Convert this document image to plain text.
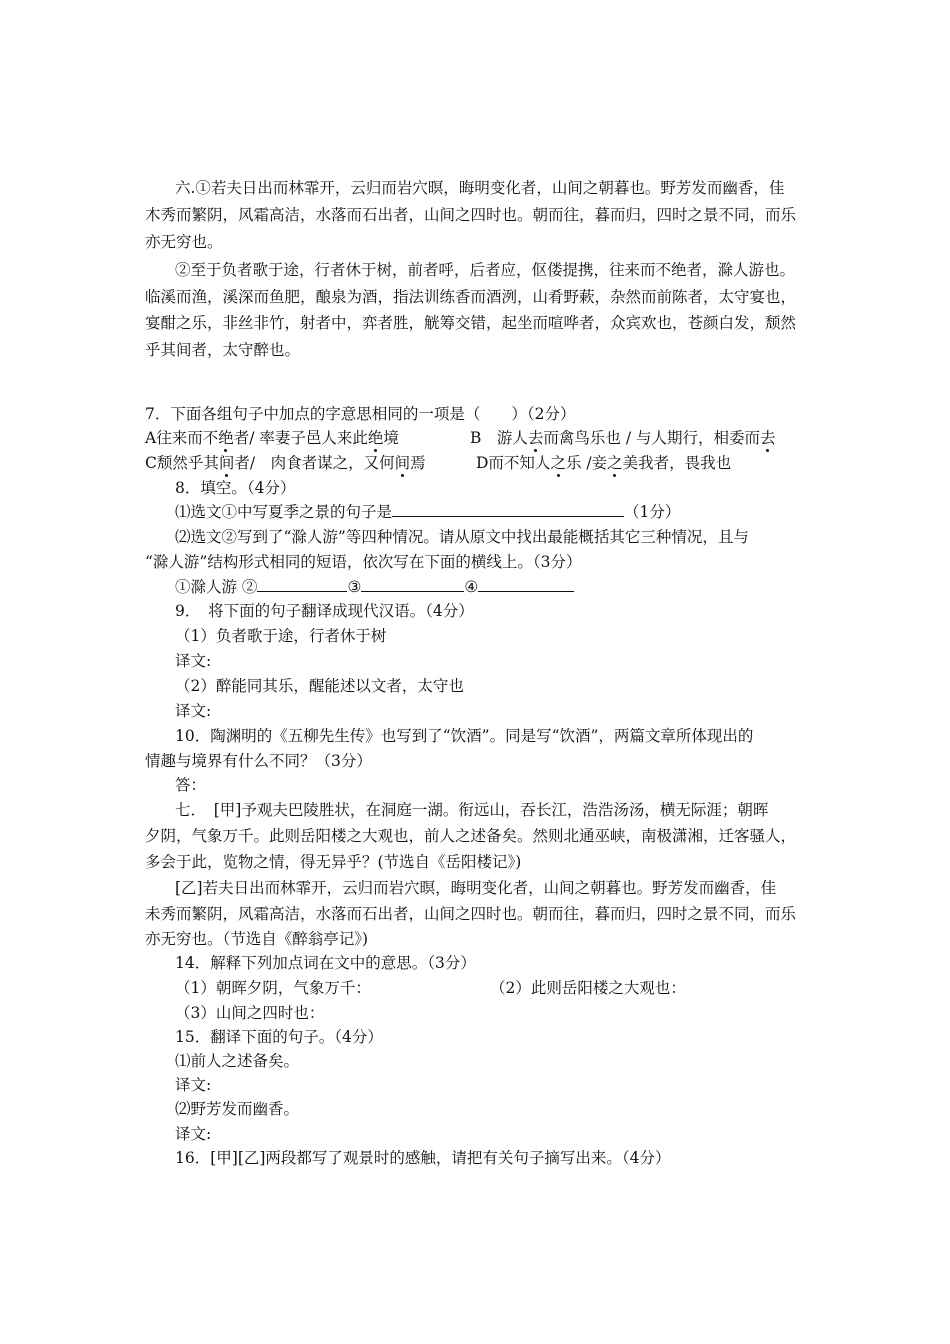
六.①若夫日出而林霏开，云归而岩穴暝，晦明变化者，山间之朝暮也。野芳发而幽香，佳

木秀而繁阴，风霜高洁，水落而石出者，山间之四时也。朝而往，暮而归，四时之景不同，而乐

亦无穷也。

②至于负者歌于途，行者休于树，前者呼，后者应，伛偻提携，往来而不绝者，滁人游也。

临溪而渔，溪深而鱼肥，酿泉为酒，指法训练香而酒洌，山肴野蔌，杂然而前陈者，太守宴也，

宴酣之乐，非丝非竹，射者中，弈者胜，觥筹交错，起坐而喧哗者，众宾欢也，苍颜白发，颓然

乎其间者，太守醉也。

7．下面各组句子中加点的字意思相同的一项是（　　）（2分）

A往来而不绝者/ 率妻子邑人来此绝境	B　游人去而禽鸟乐也 / 与人期行，相委而去

C颓然乎其间者/　肉食者谋之，又何间焉	D而不知人之乐 /妾之美我者，畏我也

8．填空。（4分）

⑴选文①中写夏季之景的句子是	（1分）

⑵选文②写到了“滁人游”等四种情况。请从原文中找出最能概括其它三种情况，且与

“滁人游”结构形式相同的短语，依次写在下面的横线上。（3分）

①滁人游 ②	③	④

9．　将下面的句子翻译成现代汉语。（4分）

（1）负者歌于途，行者休于树

译文:

（2）醉能同其乐，醒能述以文者，太守也

译文:

10．陶渊明的《五柳先生传》也写到了“饮酒”。同是写“饮酒”，两篇文章所体现出的

情趣与境界有什么不同？（3分）

答：

七．　[甲]予观夫巴陵胜状，在洞庭一湖。衔远山，吞长江，浩浩汤汤，横无际涯；朝晖

夕阴，气象万千。此则岳阳楼之大观也，前人之述备矣。然则北通巫峡，南极潇湘，迁客骚人，

多会于此，览物之情，得无异乎？(节选自《岳阳楼记》)

[乙]若夫日出而林霏开，云归而岩穴暝，晦明变化者，山间之朝暮也。野芳发而幽香，佳

未秀而繁阴，风霜高洁，水落而石出者，山间之四时也。朝而往，暮而归，四时之景不同，而乐

亦无穷也。（节选自《醉翁亭记》)

14．解释下列加点词在文中的意思。（3分）

（1）朝晖夕阴，气象万千：	（2）此则岳阳楼之大观也：

（3）山间之四时也：

15．翻译下面的句子。（4分）

⑴前人之述备矣。

译文:

⑵野芳发而幽香。

译文:

16．[甲][乙]两段都写了观景时的感触，请把有关句子摘写出来。（4分）
